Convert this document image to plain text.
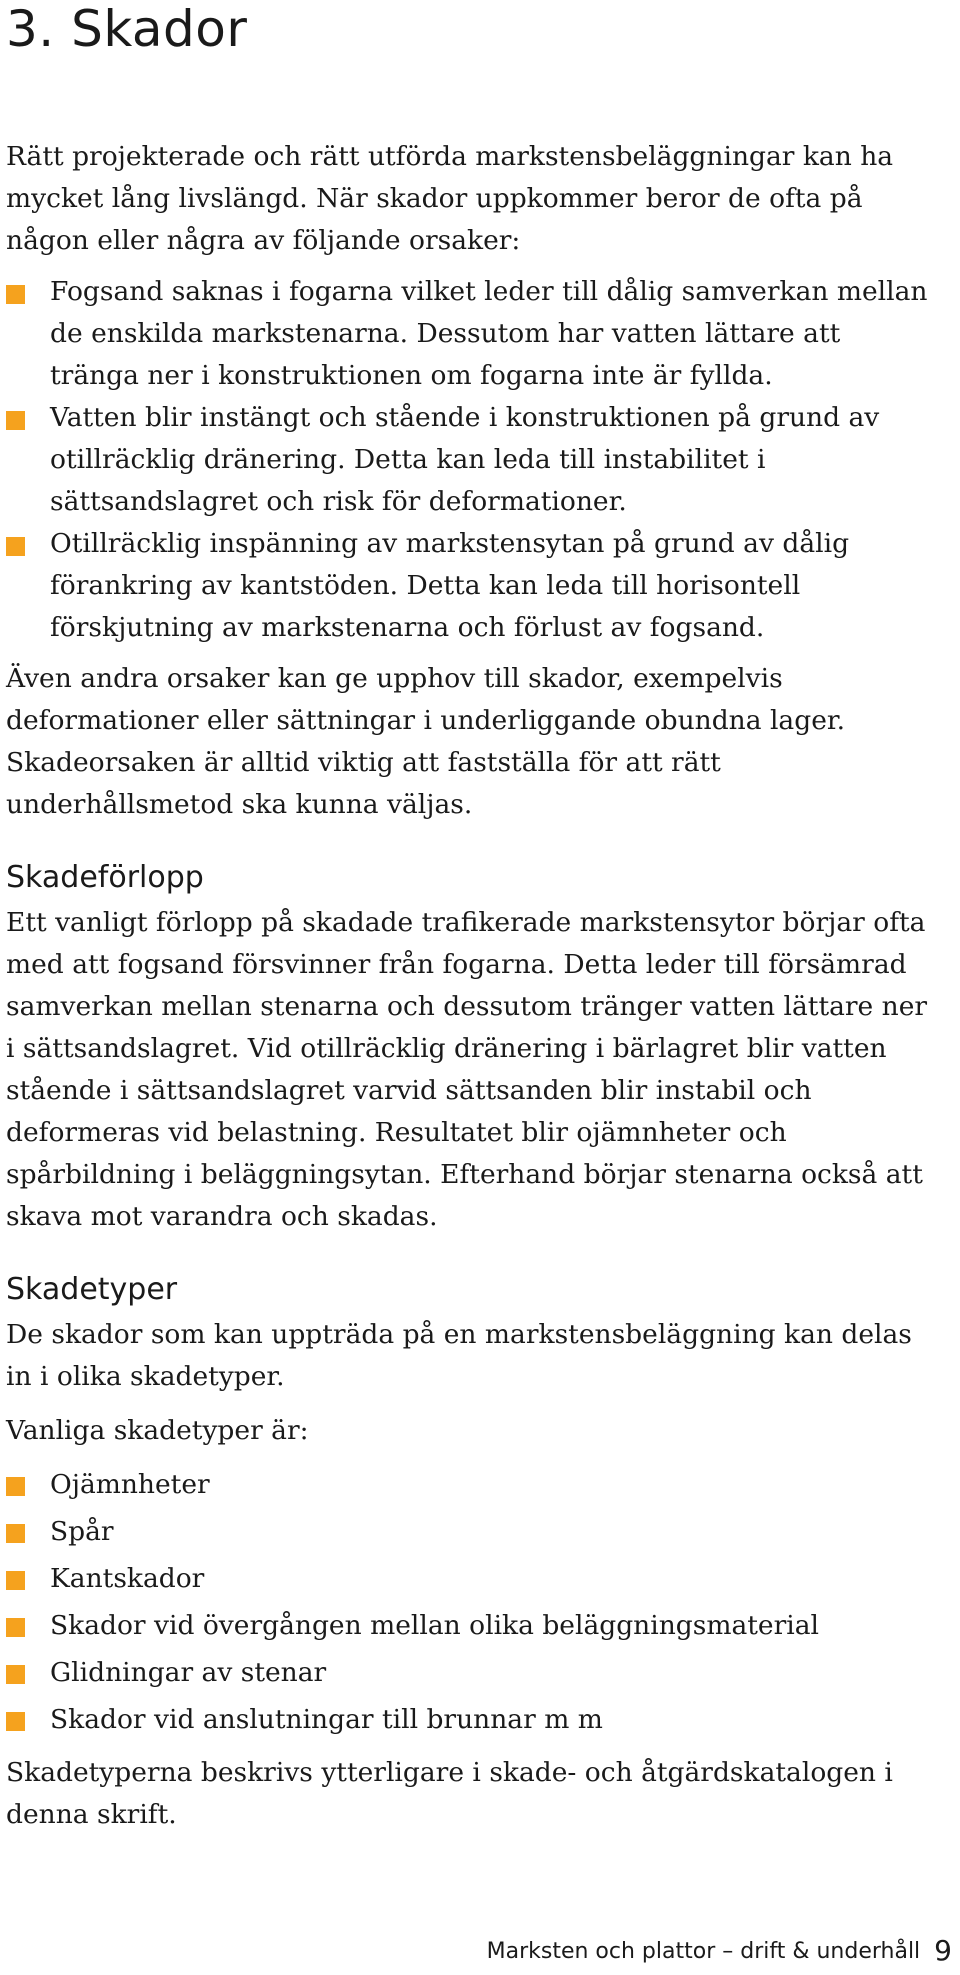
3. Skador

Rätt projekterade och rätt utförda markstensbeläggningar kan ha mycket lång livslängd. När skador uppkommer beror de ofta på någon eller några av följande orsaker:

Fogsand saknas i fogarna vilket leder till dålig samverkan mellan de enskilda markstenarna. Dessutom har vatten lättare att tränga ner i konstruktionen om fogarna inte är fyllda.
Vatten blir instängt och stående i konstruktionen på grund av otillräcklig dränering. Detta kan leda till instabilitet i sättsandslagret och risk för deformationer.
Otillräcklig inspänning av markstensytan på grund av dålig förankring av kantstöden. Detta kan leda till horisontell förskjutning av markstenarna och förlust av fogsand.

Även andra orsaker kan ge upphov till skador, exempelvis deformationer eller sättningar i underliggande obundna lager. Skadeorsaken är alltid viktig att fastställa för att rätt underhållsmetod ska kunna väljas.

Skadeförlopp

Ett vanligt förlopp på skadade trafikerade markstensytor börjar ofta med att fogsand försvinner från fogarna. Detta leder till försämrad samverkan mellan stenarna och dessutom tränger vatten lättare ner i sättsandslagret. Vid otillräcklig dränering i bärlagret blir vatten stående i sättsandslagret varvid sättsanden blir instabil och deformeras vid belastning. Resultatet blir ojämnheter och spårbildning i beläggningsytan. Efterhand börjar stenarna också att skava mot varandra och skadas.

Skadetyper

De skador som kan uppträda på en markstensbeläggning kan delas in i olika skadetyper.

Vanliga skadetyper är:

Ojämnheter
Spår
Kantskador
Skador vid övergången mellan olika beläggningsmaterial
Glidningar av stenar
Skador vid anslutningar till brunnar m m

Skadetyperna beskrivs ytterligare i skade- och åtgärdskatalogen i denna skrift.

Marksten och plattor – drift & underhåll 9
